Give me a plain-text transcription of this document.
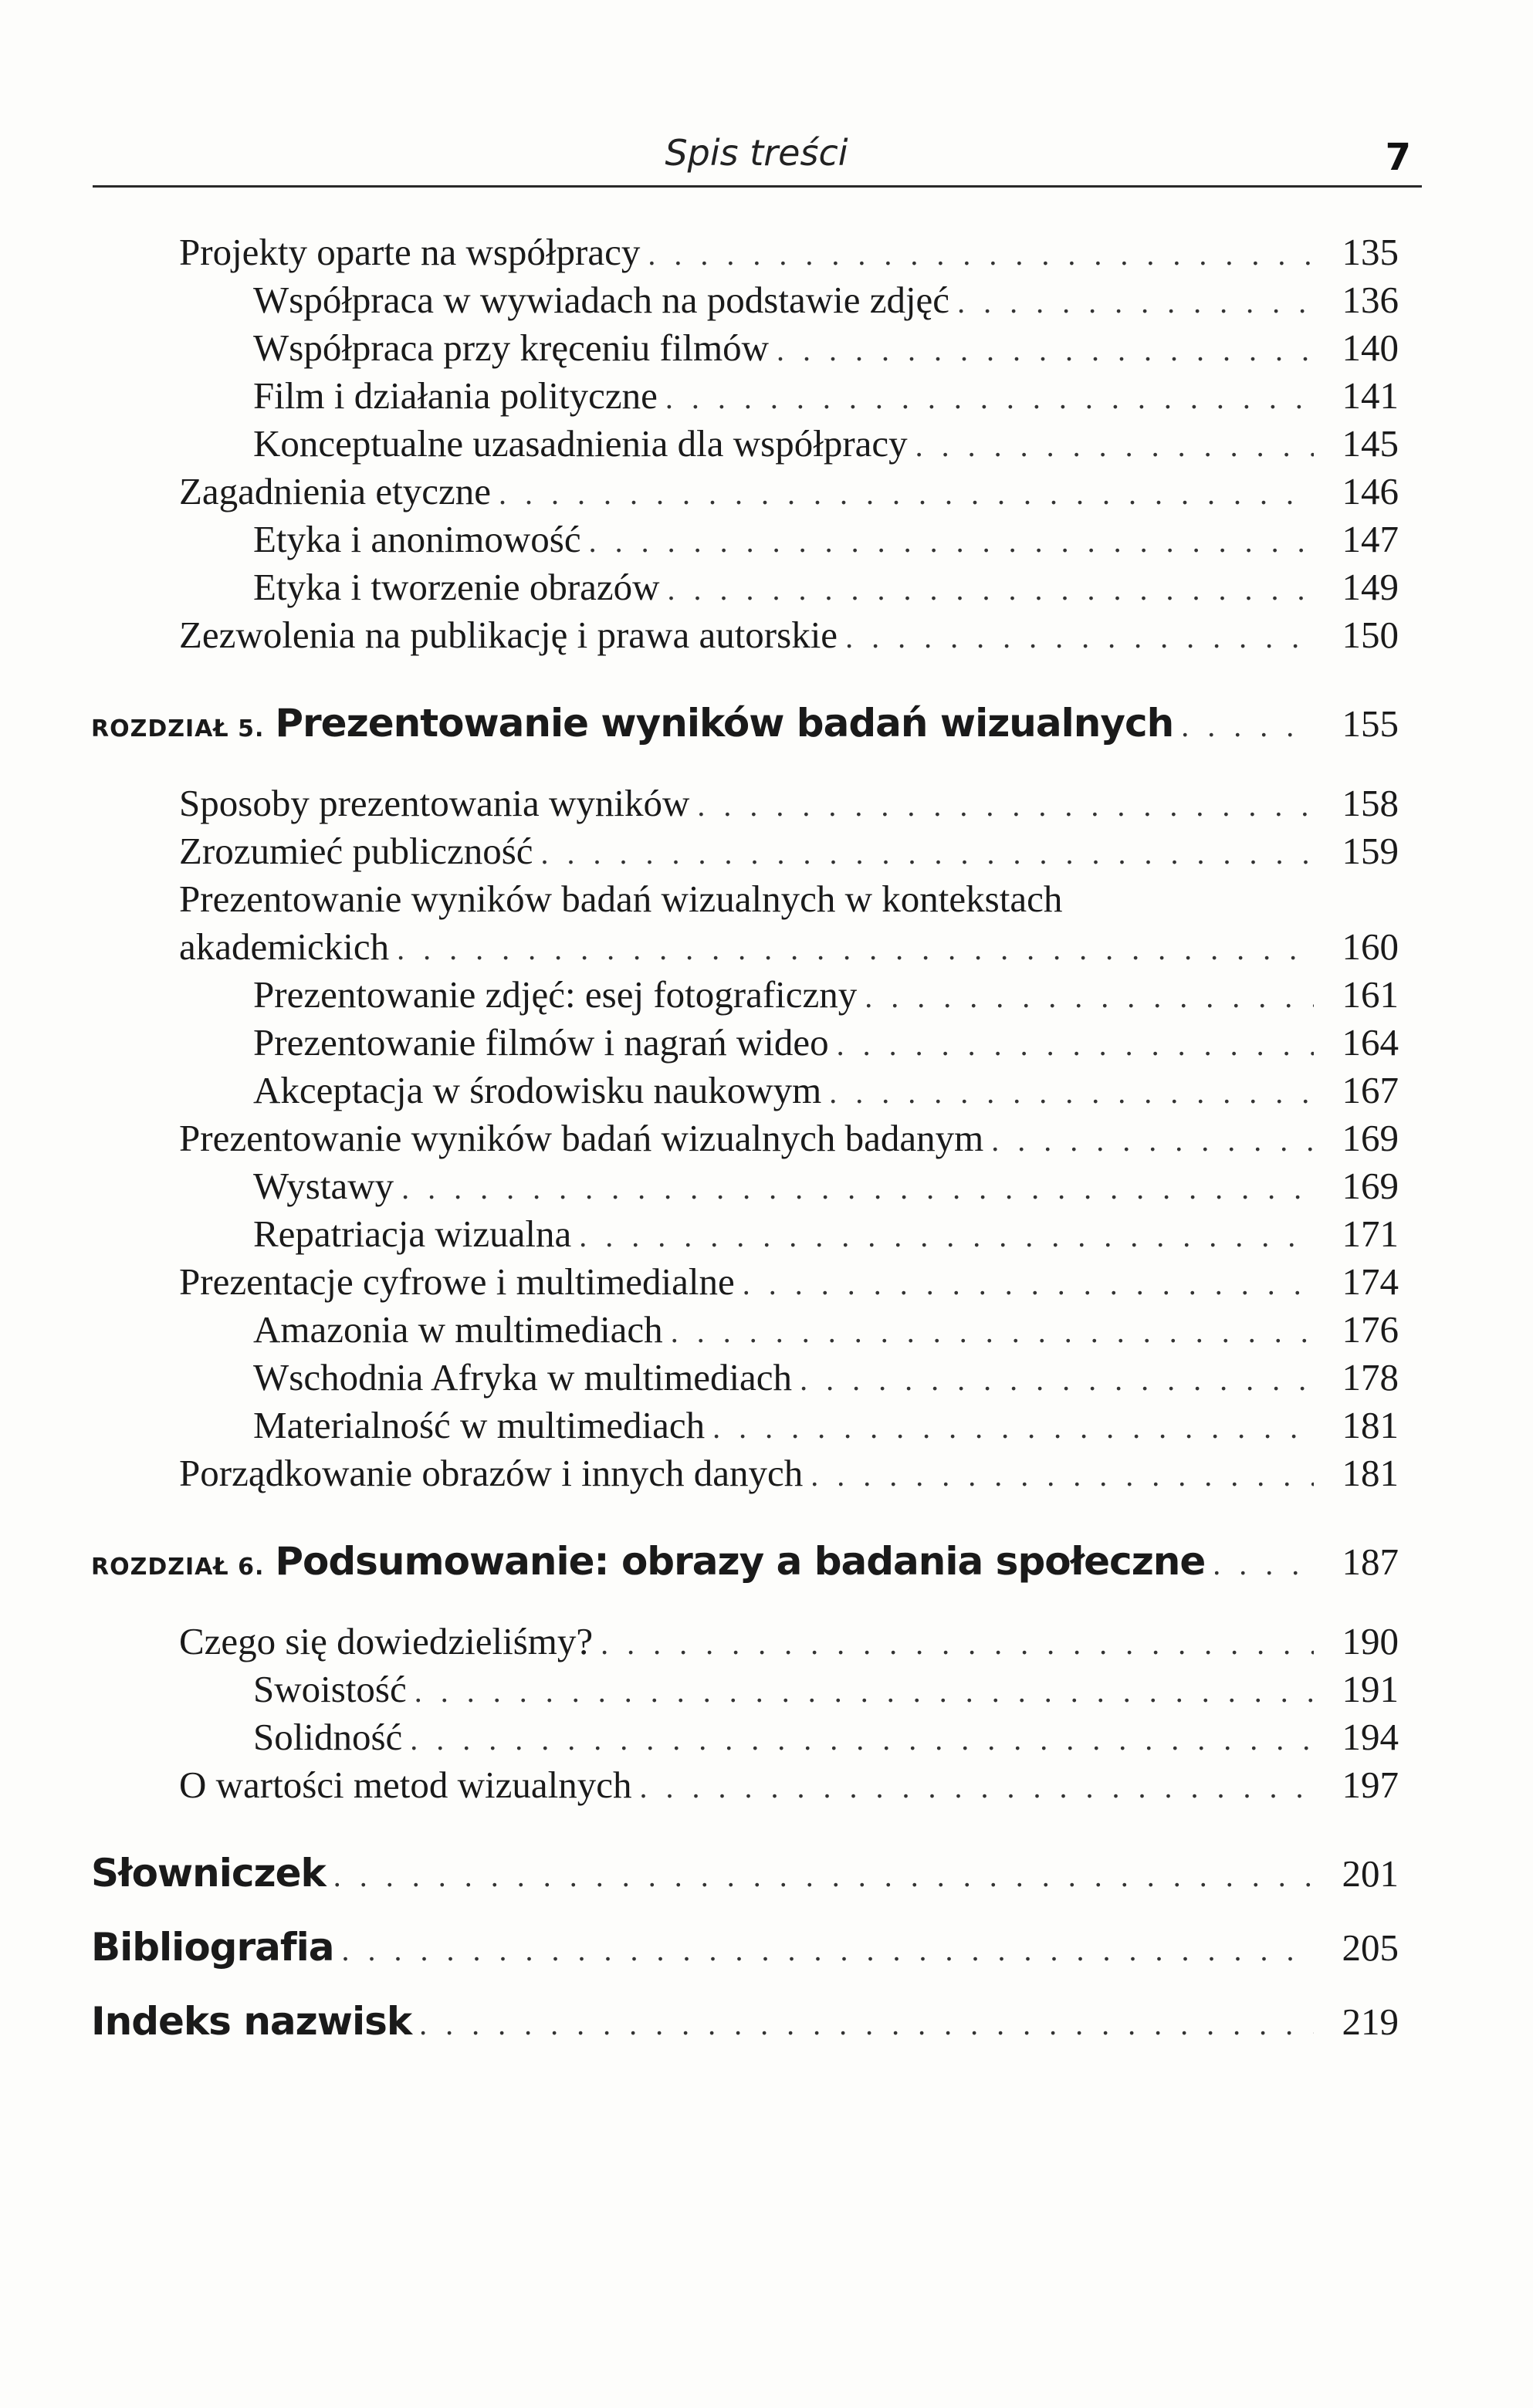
Spis treści	7
Projekty oparte na współpracy . . .	135
Współpraca w wywiadach na podstawie zdjęć . . .	136
Współpraca przy kręceniu filmów . . .	140
Film i działania polityczne . . .	141
Konceptualne uzasadnienia dla współpracy . . .	145
Zagadnienia etyczne . . .	146
Etyka i anonimowość . . .	147
Etyka i tworzenie obrazów . . .	149
Zezwolenia na publikację i prawa autorskie . . .	150
ROZDZIAŁ 5. Prezentowanie wyników badań wizualnych . . .	155
Sposoby prezentowania wyników . . .	158
Zrozumieć publiczność . . .	159
Prezentowanie wyników badań wizualnych w kontekstach
akademickich . . .	160
Prezentowanie zdjęć: esej fotograficzny . . .	161
Prezentowanie filmów i nagrań wideo . . .	164
Akceptacja w środowisku naukowym . . .	167
Prezentowanie wyników badań wizualnych badanym . . .	169
Wystawy . . .	169
Repatriacja wizualna . . .	171
Prezentacje cyfrowe i multimedialne . . .	174
Amazonia w multimediach . . .	176
Wschodnia Afryka w multimediach . . .	178
Materialność w multimediach . . .	181
Porządkowanie obrazów i innych danych . . .	181
ROZDZIAŁ 6. Podsumowanie: obrazy a badania społeczne . . .	187
Czego się dowiedzieliśmy? . . .	190
Swoistość . . .	191
Solidność . . .	194
O wartości metod wizualnych . . .	197
Słowniczek . . .	201
Bibliografia . . .	205
Indeks nazwisk . . .	219
